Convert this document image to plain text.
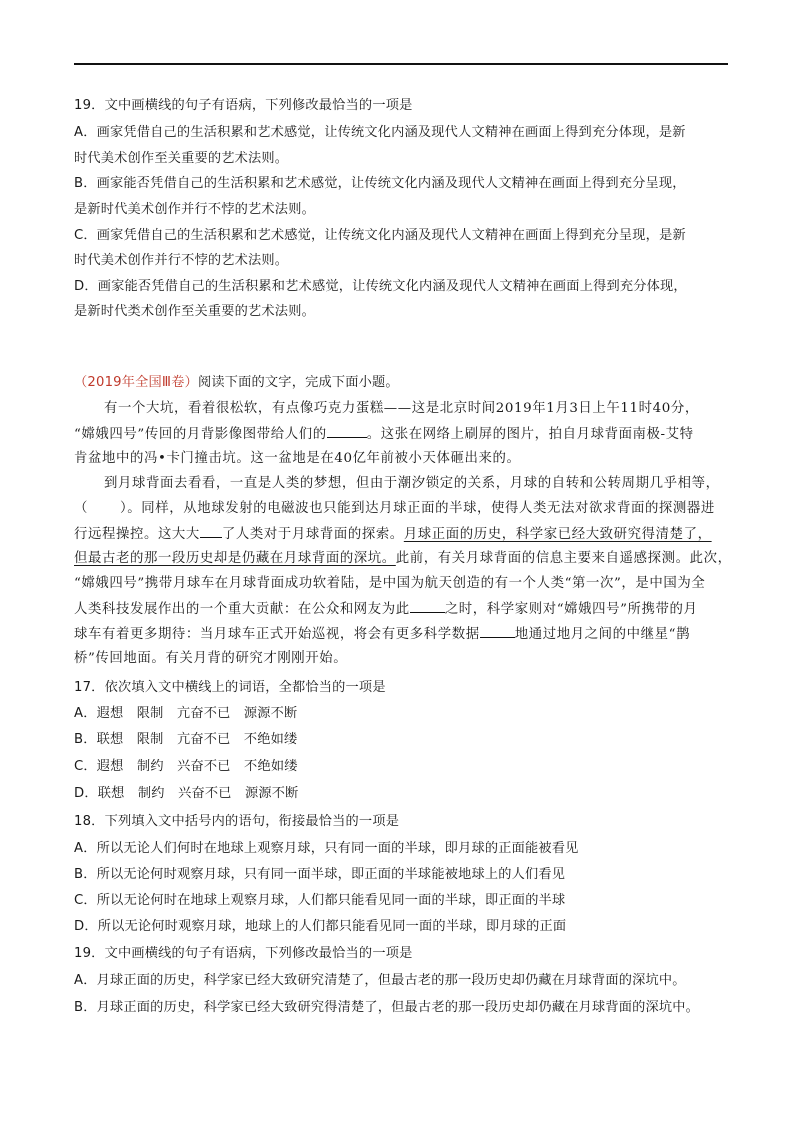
19．文中画横线的句子有语病，下列修改最恰当的一项是
A．画家凭借自己的生活积累和艺术感觉，让传统文化内涵及现代人文精神在画面上得到充分体现，是新
时代美术创作至关重要的艺术法则。
B．画家能否凭借自己的生活积累和艺术感觉，让传统文化内涵及现代人文精神在画面上得到充分呈现，
是新时代美术创作并行不悖的艺术法则。
C．画家凭借自己的生活积累和艺术感觉，让传统文化内涵及现代人文精神在画面上得到充分呈现，是新
时代美术创作并行不悖的艺术法则。
D．画家能否凭借自己的生活积累和艺术感觉，让传统文化内涵及现代人文精神在画面上得到充分体现，
是新时代类术创作至关重要的艺术法则。
（2019年全国Ⅲ卷）阅读下面的文字，完成下面小题。
有一个大坑，看着很松软，有点像巧克力蛋糕——这是北京时间2019年1月3日上午11时40分，
“嫦娥四号”传回的月背影像图带给人们的	。这张在网络上刷屏的图片，拍自月球背面南极-艾特
肯盆地中的冯•卡门撞击坑。这一盆地是在40亿年前被小天体砸出来的。
到月球背面去看看，一直是人类的梦想，但由于潮汐锁定的关系，月球的自转和公转周期几乎相等，
（ ）。同样，从地球发射的电磁波也只能到达月球正面的半球，使得人类无法对欲求背面的探测器进
行远程操控。这大大 了人类对于月球背面的探索。月球正面的历史，科学家已经大致研究得清楚了，
但最古老的那一段历史却是仍藏在月球背面的深坑。此前，有关月球背面的信息主要来自遥感探测。此次，
“嫦娥四号”携带月球车在月球背面成功软着陆，是中国为航天创造的有一个人类“第一次”，是中国为全
人类科技发展作出的一个重大贡献：在公众和网友为此	之时，科学家则对“嫦娥四号”所携带的月
球车有着更多期待：当月球车正式开始巡视，将会有更多科学数据	地通过地月之间的中继星“鹊
桥”传回地面。有关月背的研究才刚刚开始。
17．依次填入文中横线上的词语，全都恰当的一项是
A．遐想　限制　亢奋不已　源源不断
B．联想　限制　亢奋不已　不绝如缕
C．遐想　制约　兴奋不已　不绝如缕
D．联想　制约　兴奋不已　源源不断
18．下列填入文中括号内的语句，衔接最恰当的一项是
A．所以无论人们何时在地球上观察月球，只有同一面的半球，即月球的正面能被看见
B．所以无论何时观察月球，只有同一面半球，即正面的半球能被地球上的人们看见
C．所以无论何时在地球上观察月球，人们都只能看见同一面的半球，即正面的半球
D．所以无论何时观察月球，地球上的人们都只能看见同一面的半球，即月球的正面
19．文中画横线的句子有语病，下列修改最恰当的一项是
A．月球正面的历史，科学家已经大致研究清楚了，但最古老的那一段历史却仍藏在月球背面的深坑中。
B．月球正面的历史，科学家已经大致研究得清楚了，但最古老的那一段历史却仍藏在月球背面的深坑中。
